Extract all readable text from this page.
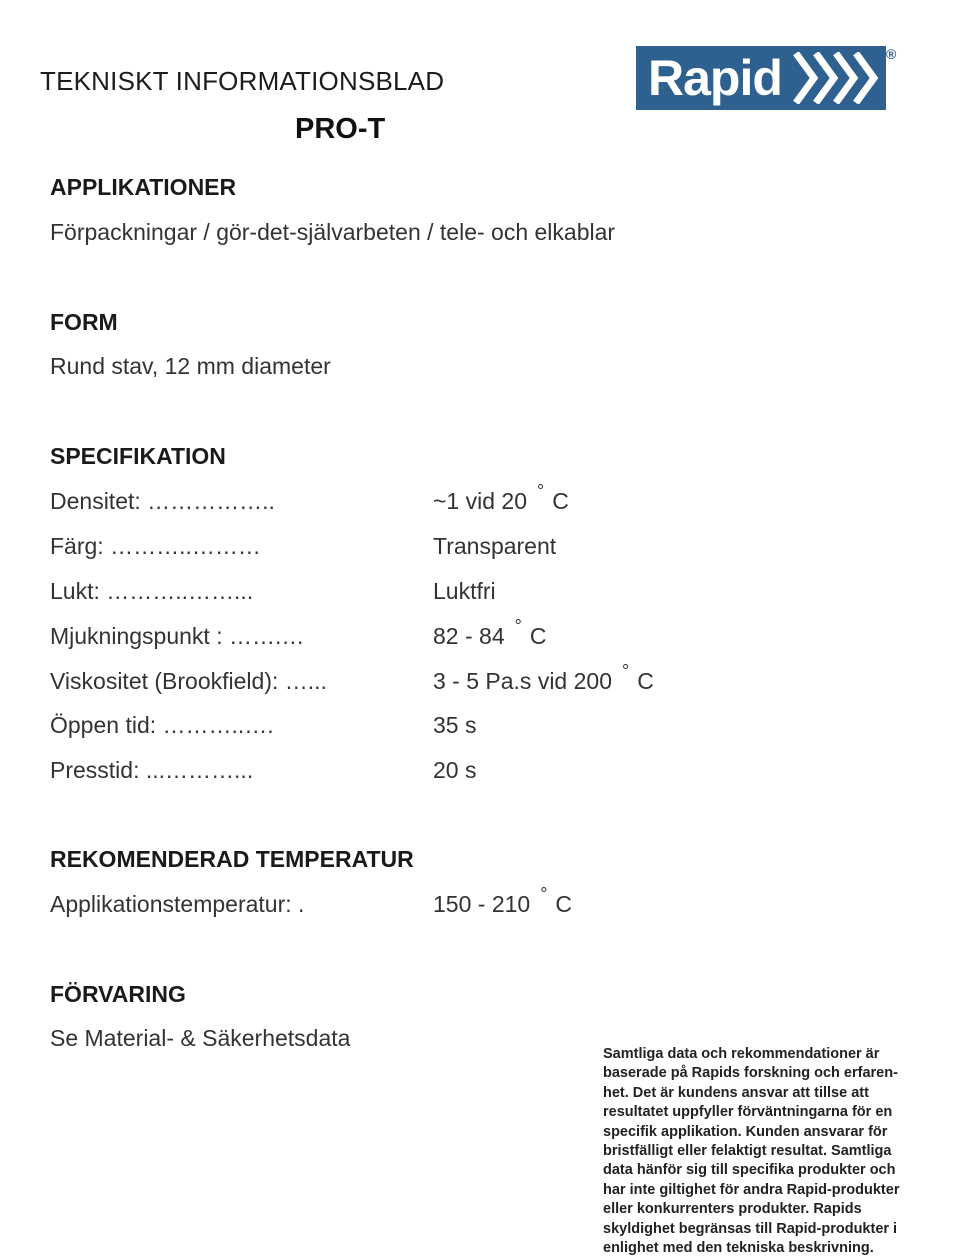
TEKNISKT INFORMATIONSBLAD
PRO-T
Rapid	®
APPLIKATIONER
Förpackningar / gör-det-självarbeten / tele- och elkablar
FORM
Rund stav, 12 mm diameter
SPECIFIKATION
Densitet: ……………..	~1 vid 20 ° C
Färg: ………..………	Transparent
Lukt: ………..……...	Luktfri
Mjukningspunkt : …….…	82 - 84 ° C
Viskositet (Brookfield): …...	3 - 5 Pa.s vid 200 ° C
Öppen tid: ………..….	35 s
Presstid: ...………...	20 s
REKOMENDERAD TEMPERATUR
Applikationstemperatur: .	150 - 210 ° C
FÖRVARING
Se Material- & Säkerhetsdata
Samtliga data och rekommendationer är
baserade på Rapids forskning och erfaren-
het. Det är kundens ansvar att tillse att
resultatet uppfyller förväntningarna för en
specifik applikation. Kunden ansvarar för
bristfälligt eller felaktigt resultat. Samtliga
data hänför sig till specifika produkter och
har inte giltighet för andra Rapid-produkter
eller konkurrenters produkter. Rapids
skyldighet begränsas till Rapid-produkter i
enlighet med den tekniska beskrivning.
